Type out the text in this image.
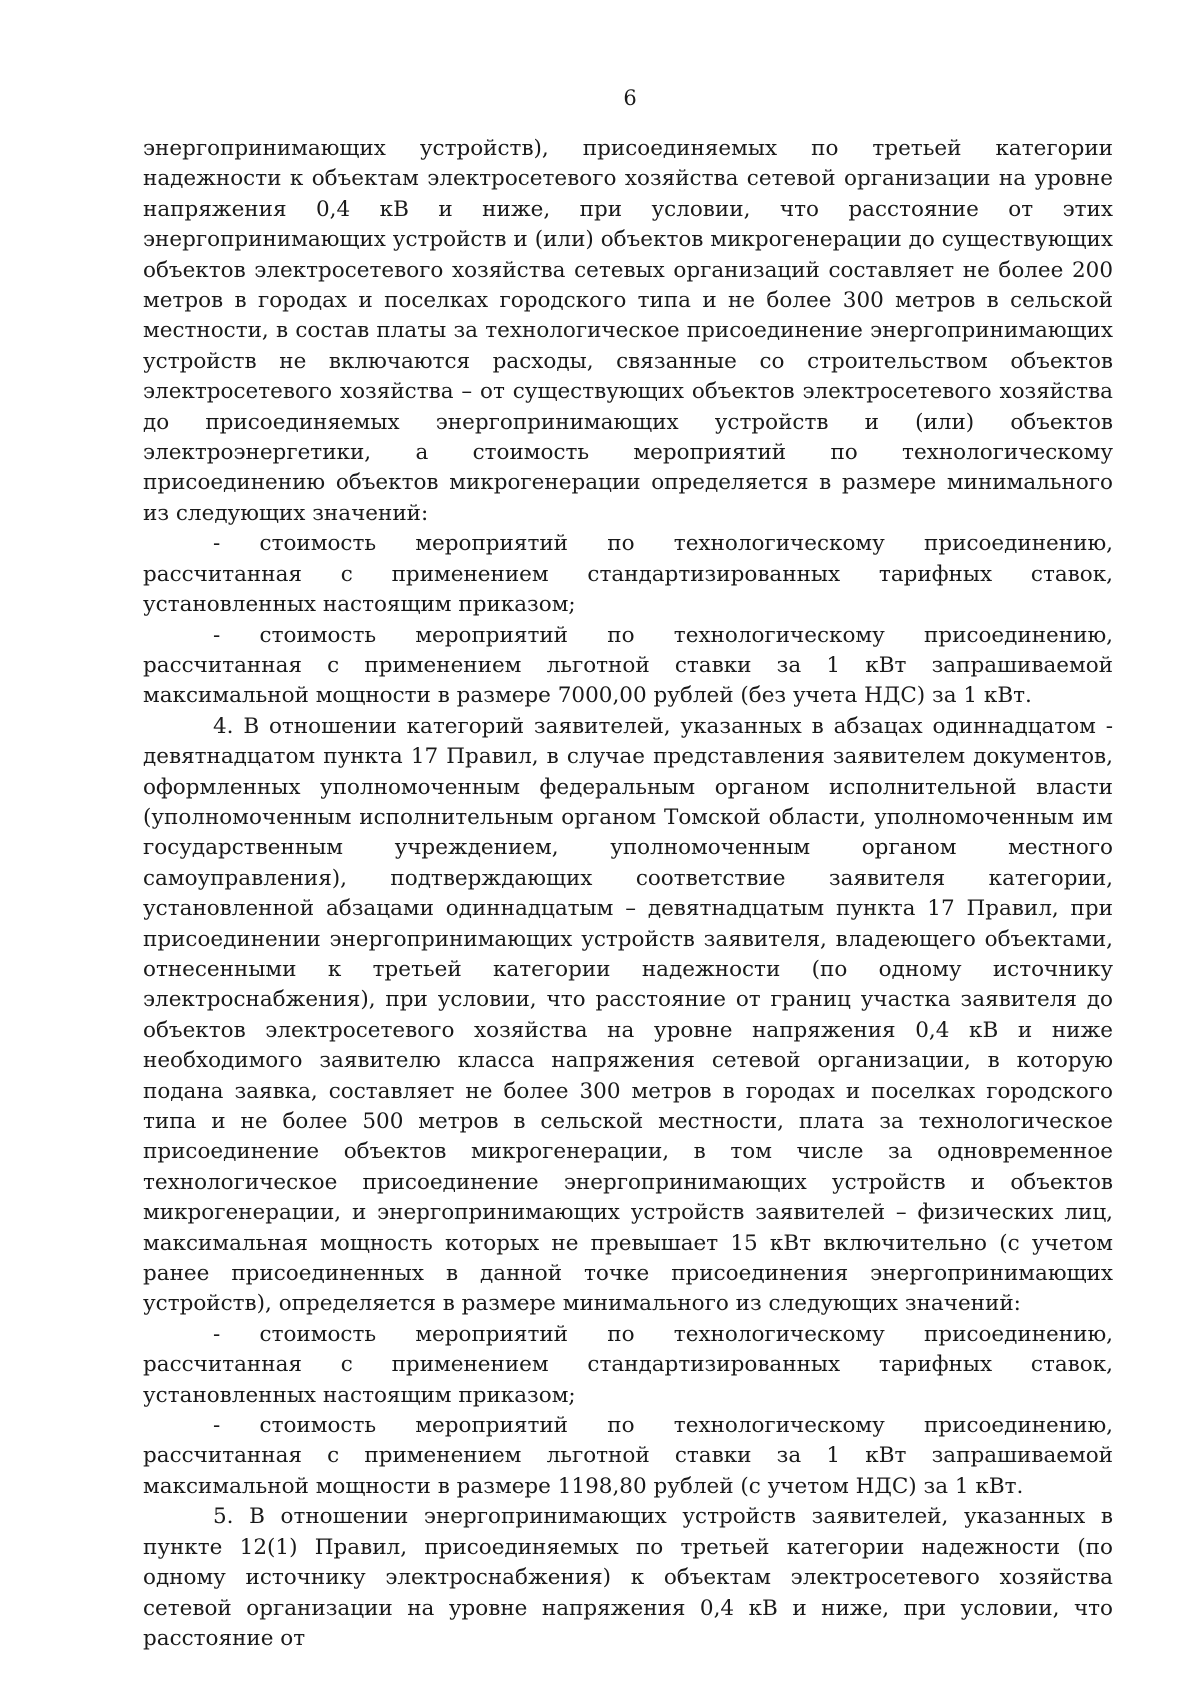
6

энергопринимающих устройств), присоединяемых по третьей категории надежности к объектам электросетевого хозяйства сетевой организации на уровне напряжения 0,4 кВ и ниже, при условии, что расстояние от этих энергопринимающих устройств и (или) объектов микрогенерации до существующих объектов электросетевого хозяйства сетевых организаций составляет не более 200 метров в городах и поселках городского типа и не более 300 метров в сельской местности, в состав платы за технологическое присоединение энергопринимающих устройств не включаются расходы, связанные со строительством объектов электросетевого хозяйства – от существующих объектов электросетевого хозяйства до присоединяемых энергопринимающих устройств и (или) объектов электроэнергетики, а стоимость мероприятий по технологическому присоединению объектов микрогенерации определяется в размере минимального из следующих значений:

- стоимость мероприятий по технологическому присоединению, рассчитанная с применением стандартизированных тарифных ставок, установленных настоящим приказом;

- стоимость мероприятий по технологическому присоединению, рассчитанная с применением льготной ставки за 1 кВт запрашиваемой максимальной мощности в размере 7000,00 рублей (без учета НДС) за 1 кВт.

4. В отношении категорий заявителей, указанных в абзацах одиннадцатом - девятнадцатом пункта 17 Правил, в случае представления заявителем документов, оформленных уполномоченным федеральным органом исполнительной власти (уполномоченным исполнительным органом Томской области, уполномоченным им государственным учреждением, уполномоченным органом местного самоуправления), подтверждающих соответствие заявителя категории, установленной абзацами одиннадцатым – девятнадцатым пункта 17 Правил, при присоединении энергопринимающих устройств заявителя, владеющего объектами, отнесенными к третьей категории надежности (по одному источнику электроснабжения), при условии, что расстояние от границ участка заявителя до объектов электросетевого хозяйства на уровне напряжения 0,4 кВ и ниже необходимого заявителю класса напряжения сетевой организации, в которую подана заявка, составляет не более 300 метров в городах и поселках городского типа и не более 500 метров в сельской местности, плата за технологическое присоединение объектов микрогенерации, в том числе за одновременное технологическое присоединение энергопринимающих устройств и объектов микрогенерации, и энергопринимающих устройств заявителей – физических лиц, максимальная мощность которых не превышает 15 кВт включительно (с учетом ранее присоединенных в данной точке присоединения энергопринимающих устройств), определяется в размере минимального из следующих значений:

- стоимость мероприятий по технологическому присоединению, рассчитанная с применением стандартизированных тарифных ставок, установленных настоящим приказом;

- стоимость мероприятий по технологическому присоединению, рассчитанная с применением льготной ставки за 1 кВт запрашиваемой максимальной мощности в размере 1198,80 рублей (с учетом НДС) за 1 кВт.

5. В отношении энергопринимающих устройств заявителей, указанных в пункте 12(1) Правил, присоединяемых по третьей категории надежности (по одному источнику электроснабжения) к объектам электросетевого хозяйства сетевой организации на уровне напряжения 0,4 кВ и ниже, при условии, что расстояние от
